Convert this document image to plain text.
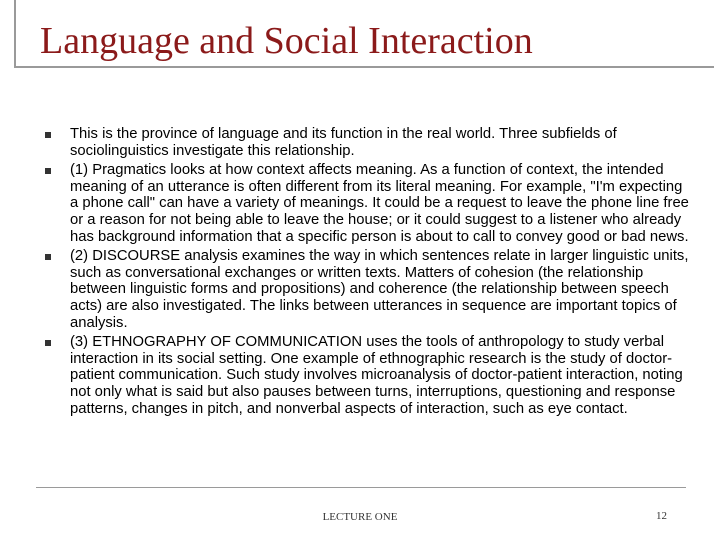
Language and Social Interaction
This is the province of language and its function in the real world. Three subfields of sociolinguistics investigate this relationship.
(1) Pragmatics looks at how context affects meaning. As a function of context, the intended meaning of an utterance is often different from its literal meaning. For example, "I'm expecting a phone call" can have a variety of meanings. It could be a request to leave the phone line free or a reason for not being able to leave the house; or it could suggest to a listener who already has background information that a specific person is about to call to convey good or bad news.
(2) DISCOURSE analysis examines the way in which sentences relate in larger linguistic units, such as conversational exchanges or written texts. Matters of cohesion (the relationship between linguistic forms and propositions) and coherence (the relationship between speech acts) are also investigated. The links between utterances in sequence are important topics of analysis.
(3) ETHNOGRAPHY OF COMMUNICATION uses the tools of anthropology to study verbal interaction in its social setting. One example of ethnographic research is the study of doctor-patient communication. Such study involves microanalysis of doctor-patient interaction, noting not only what is said but also pauses between turns, interruptions, questioning and response patterns, changes in pitch, and nonverbal aspects of interaction, such as eye contact.
LECTURE ONE	12
